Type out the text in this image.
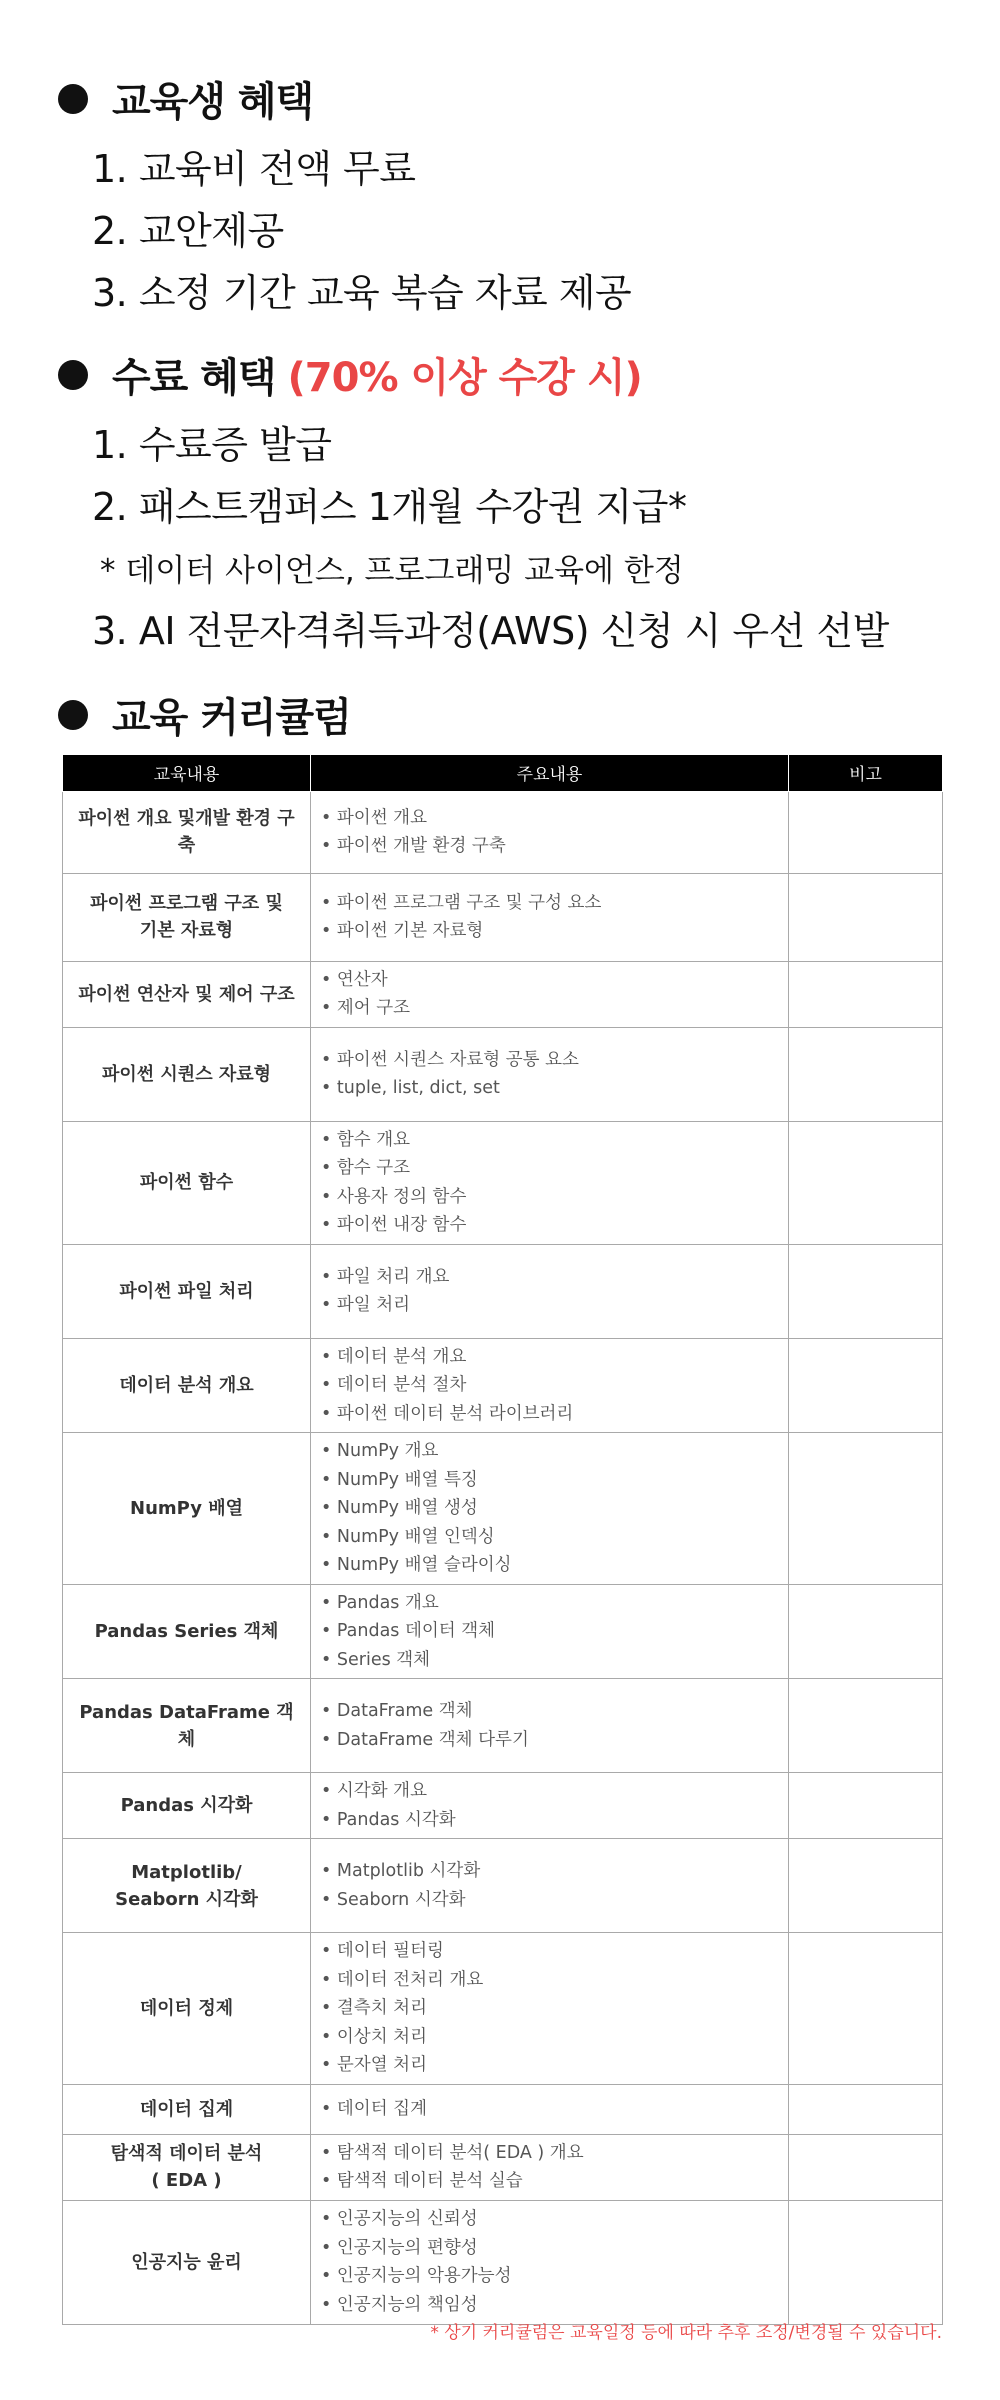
교육생 혜택
1. 교육비 전액 무료
2. 교안제공
3. 소정 기간 교육 복습 자료 제공
수료 혜택 (70% 이상 수강 시)
1. 수료증 발급
2. 패스트캠퍼스 1개월 수강권 지급*
* 데이터 사이언스, 프로그래밍 교육에 한정
3. AI 전문자격취득과정(AWS) 신청 시 우선 선발
교육 커리큘럼
교육내용	주요내용	비고
파이썬 개요 및개발 환경 구축	• 파이썬 개요
• 파이썬 개발 환경 구축	
파이썬 프로그램 구조 및
기본 자료형	• 파이썬 프로그램 구조 및 구성 요소
• 파이썬 기본 자료형	
파이썬 연산자 및 제어 구조	• 연산자
• 제어 구조	
파이썬 시퀀스 자료형	• 파이썬 시퀀스 자료형 공통 요소
• tuple, list, dict, set	
파이썬 함수	• 함수 개요
• 함수 구조
• 사용자 정의 함수
• 파이썬 내장 함수	
파이썬 파일 처리	• 파일 처리 개요
• 파일 처리	
데이터 분석 개요	• 데이터 분석 개요
• 데이터 분석 절차
• 파이썬 데이터 분석 라이브러리	
NumPy 배열	• NumPy 개요
• NumPy 배열 특징
• NumPy 배열 생성
• NumPy 배열 인덱싱
• NumPy 배열 슬라이싱	
Pandas Series 객체	• Pandas 개요
• Pandas 데이터 객체
• Series 객체	
Pandas DataFrame 객체	• DataFrame 객체
• DataFrame 객체 다루기	
Pandas 시각화	• 시각화 개요
• Pandas 시각화	
Matplotlib/
Seaborn 시각화	• Matplotlib 시각화
• Seaborn 시각화	
데이터 정제	• 데이터 필터링
• 데이터 전처리 개요
• 결측치 처리
• 이상치 처리
• 문자열 처리	
데이터 집계	• 데이터 집계	
탐색적 데이터 분석
( EDA )	• 탐색적 데이터 분석( EDA ) 개요
• 탐색적 데이터 분석 실습	
인공지능 윤리	• 인공지능의 신뢰성
• 인공지능의 편향성
• 인공지능의 악용가능성
• 인공지능의 책임성	
* 상기 커리큘럼은 교육일정 등에 따라 추후 조정/변경될 수 있습니다.
